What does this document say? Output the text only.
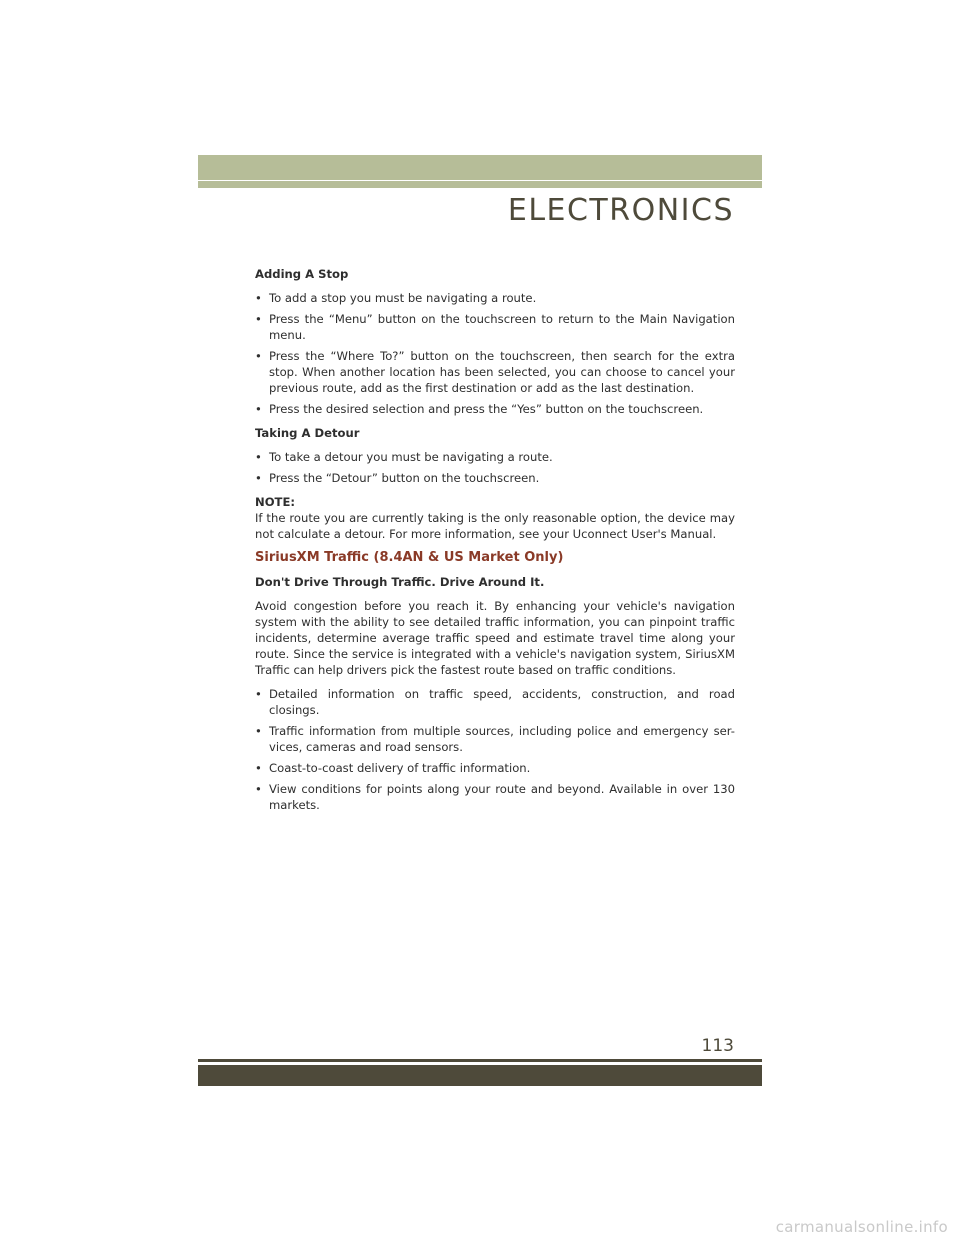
ELECTRONICS
Adding A Stop
• To add a stop you must be navigating a route.
• Press the “Menu” button on the touchscreen to return to the Main Navigation menu.
• Press the “Where To?” button on the touchscreen, then search for the extra stop. When another location has been selected, you can choose to cancel your previous route, add as the first destination or add as the last destination.
• Press the desired selection and press the “Yes” button on the touchscreen.
Taking A Detour
• To take a detour you must be navigating a route.
• Press the “Detour” button on the touchscreen.
NOTE:

If the route you are currently taking is the only reasonable option, the device may not calculate a detour. For more information, see your Uconnect User's Manual.

SiriusXM Traffic (8.4AN & US Market Only)
Don't Drive Through Traffic. Drive Around It.

Avoid congestion before you reach it. By enhancing your vehicle's navigation system with the ability to see detailed traffic information, you can pinpoint traffic incidents, determine average traffic speed and estimate travel time along your route. Since the service is integrated with a vehicle's navigation system, SiriusXM Traffic can help drivers pick the fastest route based on traffic conditions.

• Detailed information on traffic speed, accidents, construction, and road closings.
• Traffic information from multiple sources, including police and emergency ser-vices, cameras and road sensors.
• Coast-to-coast delivery of traffic information.
• View conditions for points along your route and beyond. Available in over 130 markets.
113
carmanualsonline.info
